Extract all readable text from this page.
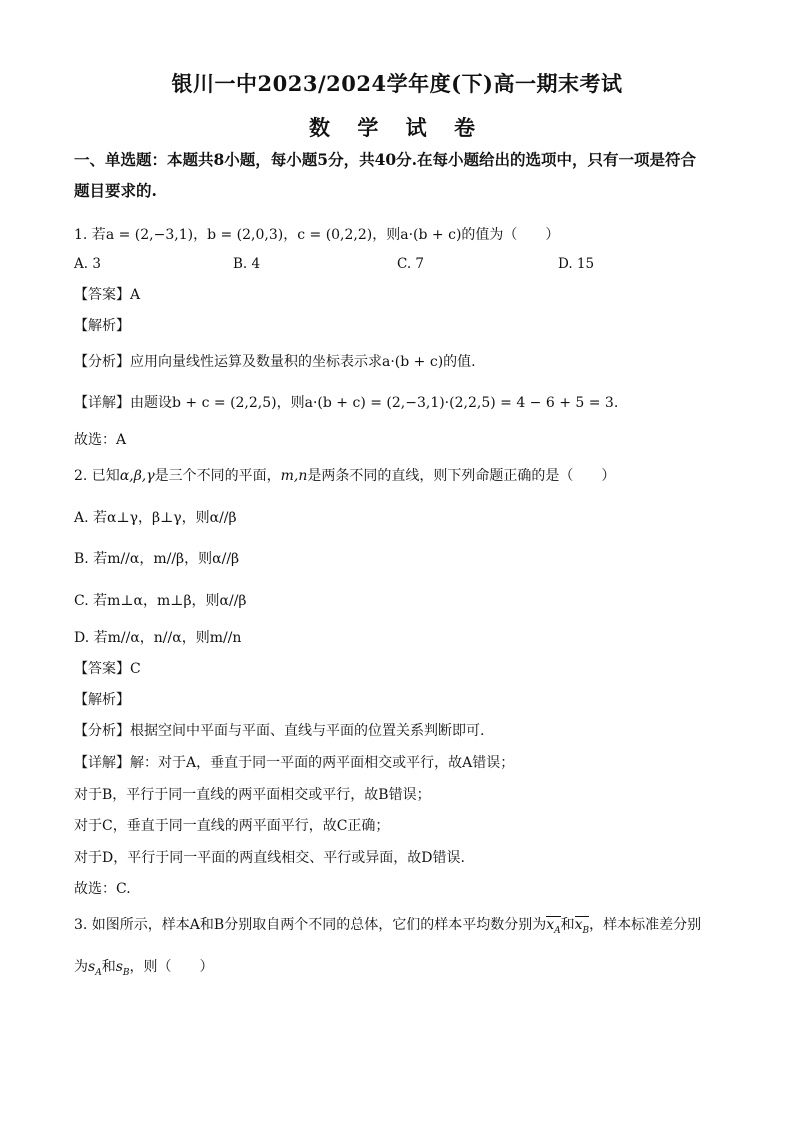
银川一中2023/2024学年度(下)高一期末考试
数 学 试 卷
一、单选题：本题共8小题，每小题5分，共40分.在每小题给出的选项中，只有一项是符合
题目要求的.
1. 若a = (2,−3,1)，b = (2,0,3)，c = (0,2,2)，则a·(b + c)的值为（　　）
A. 3	B. 4	C. 7	D. 15
【答案】A
【解析】
【分析】应用向量线性运算及数量积的坐标表示求a·(b + c)的值.
【详解】由题设b + c = (2,2,5)，则a·(b + c) = (2,−3,1)·(2,2,5) = 4 − 6 + 5 = 3.
故选：A
2. 已知α,β,γ是三个不同的平面，m,n是两条不同的直线，则下列命题正确的是（　　）
A. 若α⊥γ，β⊥γ，则α//β
B. 若m//α，m//β，则α//β
C. 若m⊥α，m⊥β，则α//β
D. 若m//α，n//α，则m//n
【答案】C
【解析】
【分析】根据空间中平面与平面、直线与平面的位置关系判断即可.
【详解】解：对于A，垂直于同一平面的两平面相交或平行，故A错误；
对于B，平行于同一直线的两平面相交或平行，故B错误；
对于C，垂直于同一直线的两平面平行，故C正确；
对于D，平行于同一平面的两直线相交、平行或异面，故D错误.
故选：C.
3. 如图所示，样本A和B分别取自两个不同的总体，它们的样本平均数分别为$x_A$和$x_B$，样本标准差分别
为$s_A$和$s_B$，则（　　）
